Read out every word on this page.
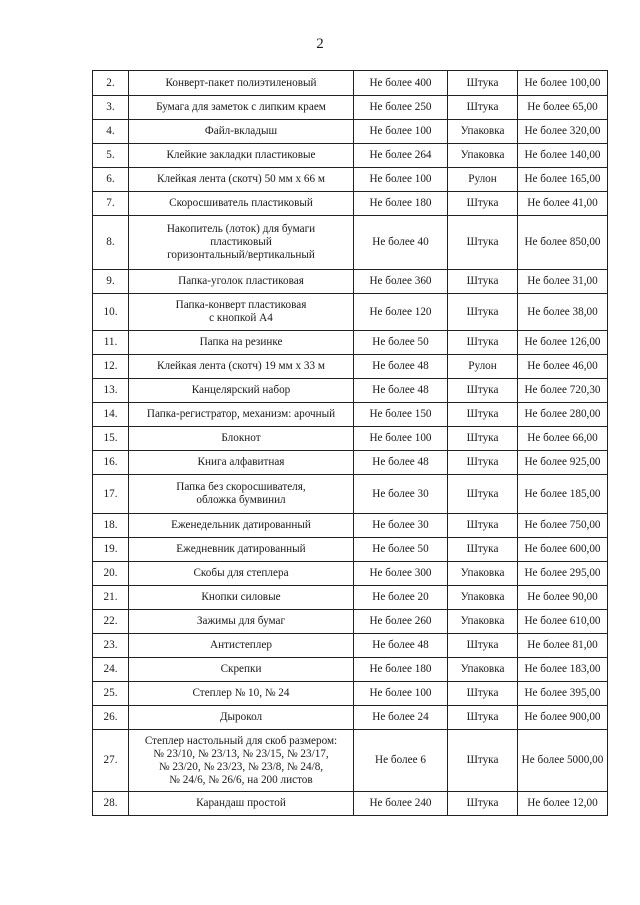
2
2.	Конверт-пакет полиэтиленовый	Не более 400	Штука	Не более 100,00
3.	Бумага для заметок с липким краем	Не более 250	Штука	Не более 65,00
4.	Файл-вкладыш	Не более 100	Упаковка	Не более 320,00
5.	Клейкие закладки пластиковые	Не более 264	Упаковка	Не более 140,00
6.	Клейкая лента (скотч) 50 мм х 66 м	Не более 100	Рулон	Не более 165,00
7.	Скоросшиватель пластиковый	Не более 180	Штука	Не более 41,00
8.	Накопитель (лоток) для бумаги
пластиковый
горизонтальный/вертикальный	Не более 40	Штука	Не более 850,00
9.	Папка-уголок пластиковая	Не более 360	Штука	Не более 31,00
10.	Папка-конверт пластиковая
с кнопкой А4	Не более 120	Штука	Не более 38,00
11.	Папка на резинке	Не более 50	Штука	Не более 126,00
12.	Клейкая лента (скотч) 19 мм х 33 м	Не более 48	Рулон	Не более 46,00
13.	Канцелярский набор	Не более 48	Штука	Не более 720,30
14.	Папка-регистратор, механизм: арочный	Не более 150	Штука	Не более 280,00
15.	Блокнот	Не более 100	Штука	Не более 66,00
16.	Книга алфавитная	Не более 48	Штука	Не более 925,00
17.	Папка без скоросшивателя,
обложка бумвинил	Не более 30	Штука	Не более 185,00
18.	Еженедельник датированный	Не более 30	Штука	Не более 750,00
19.	Ежедневник датированный	Не более 50	Штука	Не более 600,00
20.	Скобы для степлера	Не более 300	Упаковка	Не более 295,00
21.	Кнопки силовые	Не более 20	Упаковка	Не более 90,00
22.	Зажимы для бумаг	Не более 260	Упаковка	Не более 610,00
23.	Антистеплер	Не более 48	Штука	Не более 81,00
24.	Скрепки	Не более 180	Упаковка	Не более 183,00
25.	Степлер № 10, № 24	Не более 100	Штука	Не более 395,00
26.	Дырокол	Не более 24	Штука	Не более 900,00
27.	Степлер настольный для скоб размером:
№ 23/10, № 23/13, № 23/15, № 23/17,
№ 23/20, № 23/23, № 23/8, № 24/8,
№ 24/6, № 26/6, на 200 листов	Не более 6	Штука	Не более 5000,00
28.	Карандаш простой	Не более 240	Штука	Не более 12,00
